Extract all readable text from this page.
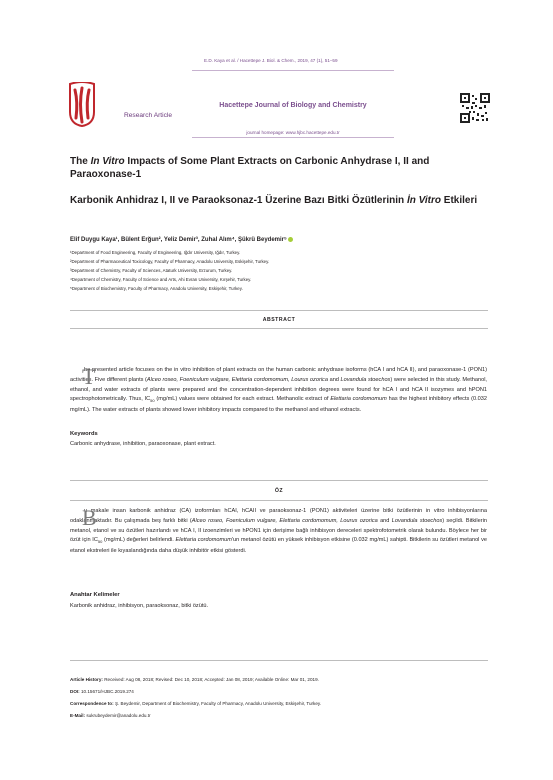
Research Article
E.D. Kaya et al. / Hacettepe J. Biol. & Chem., 2019, 47 (1), 51–59
Hacettepe Journal of Biology and Chemistry
journal homepage: www.hjbc.hacettepe.edu.tr
The In Vitro Impacts of Some Plant Extracts on Carbonic Anhydrase I, II and Paraoxonase-1
Karbonik Anhidraz I, II ve Paraoksonaz-1 Üzerine Bazı Bitki Özütlerinin İn Vitro Etkileri
Elif Duygu Kaya¹, Bülent Erğun², Yeliz Demir³, Zuhal Alım⁴, Şükrü Beydemir⁵
¹Department of Food Engineering, Faculty of Engineering, Iğdır University, Iğdır, Turkey.
²Department of Pharmaceutical Toxicology, Faculty of Pharmacy, Anadolu University, Eskişehir, Turkey.
³Department of Chemistry, Faculty of Sciences, Ataturk University, Erzurum, Turkey.
⁴Department of Chemistry, Faculty of Science and Arts, Ahi Evran University, Kırşehir, Turkey.
⁵Department of Biochemistry, Faculty of Pharmacy, Anadolu University, Eskişehir, Turkey.
ABSTRACT
T
he presented article focuses on the in vitro inhibition of plant extracts on the human carbonic anhydrase isoforms (hCA I and hCA II), and paraoxonase-1 (PON1) activities. Five different plants (Alceo roseo, Foeniculum vulgare, Elettaria cordomomum, Lourus ozorica and Lovandula stoechos) were selected in this study. Methanol, ethanol, and water extracts of plants were prepared and the concentration-dependent inhibition degrees were found for hCA I and hCA II isozymes and hPON1 spectrophotometrically. Thus, $IC_{50}$ (mg/mL) values were obtained for each extract. Methanolic extract of Elettaria cordomomum has the highest inhibitory effects (0.032 mg/mL). The water extracts of plants showed lower inhibitory impacts compared to the methanol and ethanol extracts.
Keywords
Carbonic anhydrase, inhibition, paraoxonase, plant extract.
ÖZ
B
u makale insan karbonik anhidraz (CA) izoformları hCAI, hCAII ve paraoksonaz-1 (PON1) aktiviteleri üzerine bitki özütlerinin in vitro inhibisyonlarına odaklanmaktadır. Bu çalışmada beş farklı bitki (Alceo roseo, Foeniculum vulgare, Elettaria cordomomum, Lourus ozorica and Lovandula stoechos) seçildi. Bitkilerin metanol, etanol ve su özütleri hazırlandı ve hCA I, II izoenzimleri ve hPON1 için derişime bağlı inhibisyon dereceleri spektrofotometrik olarak bulundu. Böylece her bir özüt için $IC_{50}$ (mg/mL) değerleri belirlendi. Elettaria cordomomum'un metanol özütü en yüksek inhibisyon etkisine (0.032 mg/mL) sahipti. Bitkilerin su özütleri metanol ve etanol ekstreleri ile kıyaslandığında daha düşük inhibitör etkisi gösterdi.
Anahtar Kelimeler
Karbonik anhidraz, inhibisyon, paraoksonaz, bitki özütü.
Article History: Received: Aug 08, 2018; Revised: Dec 10, 2018; Accepted: Jan 08, 2019; Available Online: Mar 01, 2019.
DOI: 10.15671/HJBC.2019.274
Correspondence to: Ş. Beydemir, Department of Biochemistry, Faculty of Pharmacy, Anadolu University, Eskişehir, Turkey.
E-Mail: sukrubeydemir@anadolu.edu.tr
